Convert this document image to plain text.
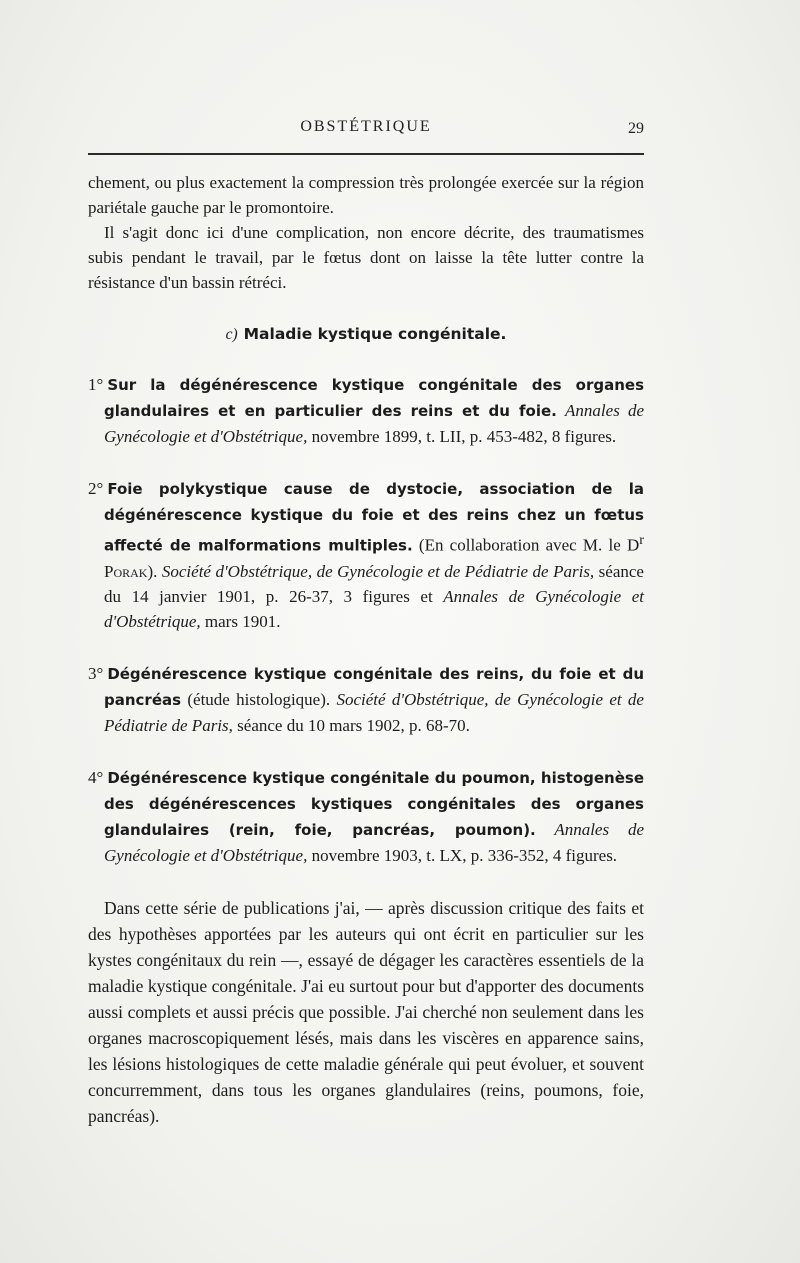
OBSTÉTRIQUE	29

chement, ou plus exactement la compression très prolongée exercée sur la région pariétale gauche par le promontoire.

Il s'agit donc ici d'une complication, non encore décrite, des traumatismes subis pendant le travail, par le fœtus dont on laisse la tête lutter contre la résistance d'un bassin rétréci.

c) Maladie kystique congénitale.

1° Sur la dégénérescence kystique congénitale des organes glandulaires et en particulier des reins et du foie. Annales de Gynécologie et d'Obstétrique, novembre 1899, t. LII, p. 453-482, 8 figures.

2° Foie polykystique cause de dystocie, association de la dégénérescence kystique du foie et des reins chez un fœtus affecté de malformations multiples. (En collaboration avec M. le $D^r$ Porak). Société d'Obstétrique, de Gynécologie et de Pédiatrie de Paris, séance du 14 janvier 1901, p. 26-37, 3 figures et Annales de Gynécologie et d'Obstétrique, mars 1901.

3° Dégénérescence kystique congénitale des reins, du foie et du pancréas (étude histologique). Société d'Obstétrique, de Gynécologie et de Pédiatrie de Paris, séance du 10 mars 1902, p. 68-70.

4° Dégénérescence kystique congénitale du poumon, histogenèse des dégénérescences kystiques congénitales des organes glandulaires (rein, foie, pancréas, poumon). Annales de Gynécologie et d'Obstétrique, novembre 1903, t. LX, p. 336-352, 4 figures.

Dans cette série de publications j'ai, — après discussion critique des faits et des hypothèses apportées par les auteurs qui ont écrit en particulier sur les kystes congénitaux du rein —, essayé de dégager les caractères essentiels de la maladie kystique congénitale. J'ai eu surtout pour but d'apporter des documents aussi complets et aussi précis que possible. J'ai cherché non seulement dans les organes macroscopiquement lésés, mais dans les viscères en apparence sains, les lésions histologiques de cette maladie générale qui peut évoluer, et souvent concurremment, dans tous les organes glandulaires (reins, poumons, foie, pancréas).
